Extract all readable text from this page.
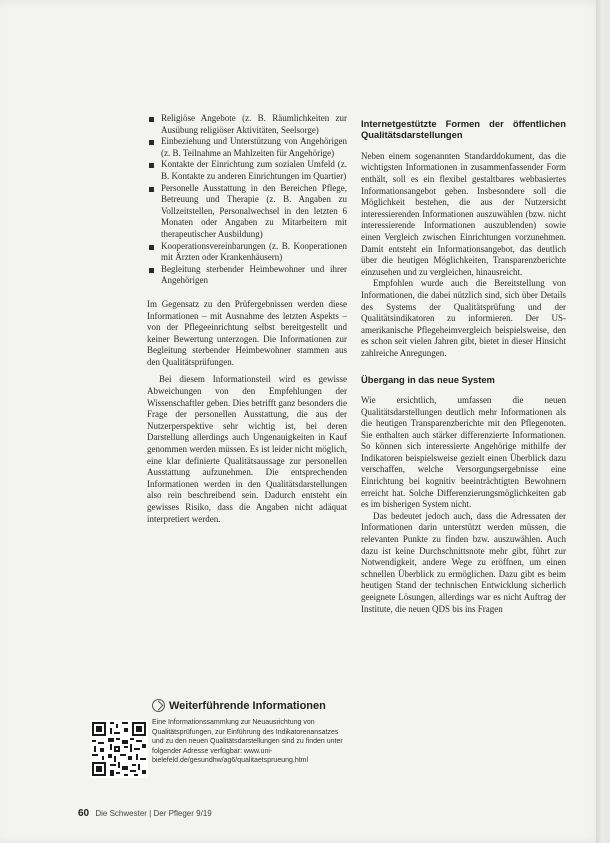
Religiöse Angebote (z. B. Räumlichkeiten zur Ausübung religiöser Aktivitäten, Seelsorge)
Einbeziehung und Unterstützung von Angehörigen (z. B. Teilnahme an Mahlzeiten für Angehörige)
Kontakte der Einrichtung zum sozialen Umfeld (z. B. Kontakte zu anderen Einrichtungen im Quartier)
Personelle Ausstattung in den Bereichen Pflege, Betreuung und Therapie (z. B. Angaben zu Vollzeitstellen, Personalwechsel in den letzten 6 Monaten oder Angaben zu Mitarbeitern mit therapeutischer Ausbildung)
Kooperationsvereinbarungen (z. B. Kooperationen mit Ärzten oder Krankenhäusern)
Begleitung sterbender Heimbewohner und ihrer Angehörigen

Im Gegensatz zu den Prüfergebnissen werden diese Informationen – mit Ausnahme des letzten Aspekts – von der Pflegeeinrichtung selbst bereitgestellt und keiner Bewertung unterzogen. Die Informationen zur Begleitung sterbender Heimbewohner stammen aus den Qualitätsprüfungen.

Bei diesem Informationsteil wird es gewisse Abweichungen von den Empfehlungen der Wissenschaftler geben. Dies betrifft ganz besonders die Frage der personellen Ausstattung, die aus der Nutzerperspektive sehr wichtig ist, bei deren Darstellung allerdings auch Ungenauigkeiten in Kauf genommen werden müssen. Es ist leider nicht möglich, eine klar definierte Qualitätsaussage zur personellen Ausstattung aufzunehmen. Die entsprechenden Informationen werden in den Qualitätsdarstellungen also rein beschreibend sein. Dadurch entsteht ein gewisses Risiko, dass die Angaben nicht adäquat interpretiert werden.

Internetgestützte Formen der öffentlichen Qualitätsdarstellungen

Neben einem sogenannten Standarddokument, das die wichtigsten Informationen in zusammenfassender Form enthält, soll es ein flexibel gestaltbares webbasiertes Informationsangebot geben. Insbesondere soll die Möglichkeit bestehen, die aus der Nutzersicht interessierenden Informationen auszuwählen (bzw. nicht interessierende Informationen auszublenden) sowie einen Vergleich zwischen Einrichtungen vorzunehmen. Damit entsteht ein Informationsangebot, das deutlich über die heutigen Möglichkeiten, Transparenzberichte einzusehen und zu vergleichen, hinausreicht.

Empfohlen wurde auch die Bereitstellung von Informationen, die dabei nützlich sind, sich über Details des Systems der Qualitätsprüfung und der Qualitätsindikatoren zu informieren. Der US-amerikanische Pflegeheimvergleich beispielsweise, den es schon seit vielen Jahren gibt, bietet in dieser Hinsicht zahlreiche Anregungen.

Übergang in das neue System

Wie ersichtlich, umfassen die neuen Qualitätsdarstellungen deutlich mehr Informationen als die heutigen Transparenzberichte mit den Pflegenoten. Sie enthalten auch stärker differenzierte Informationen. So können sich interessierte Angehörige mithilfe der Indikatoren beispielsweise gezielt einen Überblick dazu verschaffen, welche Versorgungsergebnisse eine Einrichtung bei kognitiv beeinträchtigten Bewohnern erreicht hat. Solche Differenzierungsmöglichkeiten gab es im bisherigen System nicht.

Das bedeutet jedoch auch, dass die Adressaten der Informationen darin unterstützt werden müssen, die relevanten Punkte zu finden bzw. auszuwählen. Auch dazu ist keine Durchschnittsnote mehr gibt, führt zur Notwendigkeit, andere Wege zu eröffnen, um einen schnellen Überblick zu ermöglichen. Dazu gibt es beim heutigen Stand der technischen Entwicklung sicherlich geeignete Lösungen, allerdings war es nicht Auftrag der Institute, die neuen QDS bis ins Fragen

Weiterführende Informationen
Eine Informationssammlung zur Neuausrichtung von Qualitätsprüfungen, zur Einführung des Indikatorenansatzes und zu den neuen Qualitätsdarstellungen sind zu finden unter folgender Adresse verfügbar: www.uni-bielefeld.de/gesundhw/ag6/qualitaetsprueung.html
60 Die Schwester | Der Pfleger 9/19
